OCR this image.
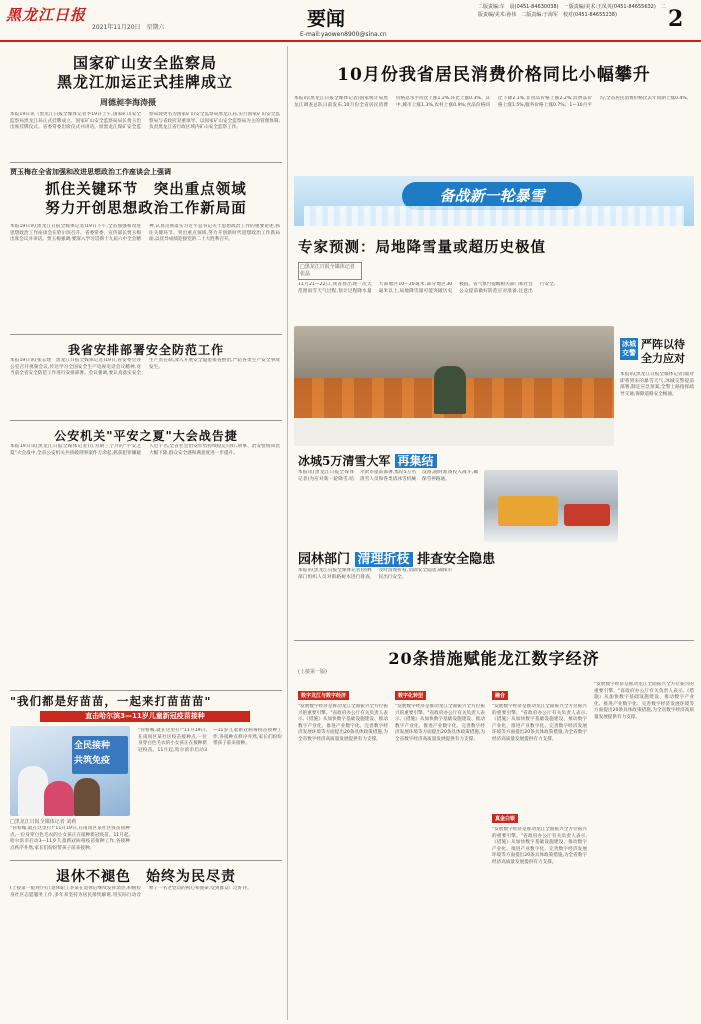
黑龙江日报
2021年11月20日　星期六	要闻
E-mail:yaowen8900@sina.cn
二版责编:车　晨(0451-84630038)　一版责编/美术:王凤英(0451-84655632)　二版责编/美术:孙伟　二版责编:于海军　校对(0451-84655238)	2
国家矿山安全监察局
黑龙江加运正式挂牌成立
周德昶李海涛摄
本报19日讯（黑龙江日报全媒体记者李19日上午,国家矿山安全监察局黑龙江局正式挂牌成立。国家矿山安全监察局局长黄玉治出席挂牌仪式。省委常委出席仪式并讲话。原黑龙江煤矿安全监察局现更名为国家矿山安全监察局黑龙江局,实行国家矿山安全监察局与省政府双重领导、以国家矿山安全监察局为主的管理体制,负责黑龙江省行政区域内矿山安全监察工作。
贾玉梅在全省加强和改进思想政治工作座谈会上强调
抓住关键环节　突出重点领域
努力开创思想政治工作新局面
本报19日讯(黑龙江日报全媒体记者)19日下午,全省加强和改进思想政治工作座谈会在哈尔滨召开。省委常委、宣传部长贾玉梅出席会议并讲话。贾玉梅强调,要深入学习贯彻十九届六中全会精神,认真贯彻落实习近平总书记关于思想政治工作的重要论述,抓住关键环节、突出重点领域,努力开创新时代思想政治工作新局面,以优异成绩迎接党的二十大胜利召开。
我省安排部署安全防范工作
本报19日讯(张志建　黑龙江日报全媒体记者)19日,省安委会办公室召开视频会议,传达学习全国安全生产电视电话会议精神,对当前全省安全防范工作进行安排部署。会议强调,要认真落实安全生产责任制,深入开展安全隐患排查整治,严防各类生产安全事故发生。
公安机关"平安之夏"大会战告捷
本报19日讯(黑龙江日报全媒体记者)在为期三个月的"平安之夏"大会战中,全省公安机关共侦破刑事案件万余起,抓获犯罪嫌疑人近千名,全省社会治安形势持续稳定向好,刑事、治安警情同比大幅下降,群众安全感和满意度进一步提升。
"我们都是好苗苗，一起来打苗苗苗"
直击哈尔滨3—11岁儿童新冠疫苗接种
全民接种
共筑免疫
□黑龙江日报全媒体记者 刘莉
"你看哪,就在这里打!"11月19日,在南岗区某社区疫苗接种点,一位身穿白色毛衣的小女孩正在接种新冠疫苗。11月起,哈尔滨市启动3—11岁儿童新冠病毒疫苗接种工作,各接种点秩序井然,家长们纷纷带孩子前来接种。
"你看哪,就在这里打!"11月19日,在南岗区某社区疫苗接种点,一位身穿白色毛衣的小女孩正在接种新冠疫苗。11月起,哈尔滨市启动3—11岁儿童新冠病毒疫苗接种工作,各接种点秩序井然,家长们纷纷带孩子前来接种。
退休不褪色　始终为民尽责
(上接第一版)牡丹江退休职工李某在退休后继续发挥余热,积极投身社区志愿服务工作,多年来坚持为居民排忧解难,用实际行动诠释了一名老党员的初心和使命,受到群众广泛好评。
10月份我省居民消费价格同比小幅攀升
本报讯(黑龙江日报全媒体记者)国家统计局黑龙江调查总队日前发布,10月份全省居民消费价格总水平同比上涨1.2%,环比上涨0.3%。其中,城市上涨1.3%,农村上涨0.9%;食品价格同比下降2.1%,非食品价格上涨2.2%;消费品价格上涨1.5%,服务价格上涨0.7%。1—10月平均,全省居民消费价格比去年同期上涨0.4%。
备战新一轮暴雪
专家预测：局地降雪量或超历史极值
□黑龙江日报全媒体记者 张晶
11月21—22日,我省将出现一次大范围雨雪天气过程,预计过程降水量大部地区10—20毫米,部分地区30毫米以上,局地降雪量可能突破历史极值。省气象台提醒相关部门和社会公众提前做好防范应对准备,注意出行安全。
冰城
交警
严阵以待
全力应对
本报讯(黑龙江日报全媒体记者)面对即将到来的暴雪天气,冰城交警提前部署,制定应急预案,全警上路指挥疏导交通,保障道路安全畅通。
冰城5万清雪大军 再集结
本报讯(黑龙江日报全媒体记者)为应对新一轮降雪,哈尔滨市提前部署,集结5万名清雪人员和各类清冰雪机械设备,随时准备投入战斗,确保雪停路通。
园林部门 清理折枝 排查安全隐患
本报讯(黑龙江日报全媒体记者)园林部门组织人员对街路树木进行排查,及时清理折枝,消除安全隐患,确保市民出行安全。
20条措施赋能龙江数字经济
(上接第一版)
数字龙江与数字经济
"发展数字经济是推动龙江全面振兴全方位振兴的重要引擎。"省政府办公厅有关负责人表示,《措施》从加快数字基础设施建设、推动数字产业化、推进产业数字化、完善数字经济发展环境等方面提出20条具体政策措施,为全省数字经济高质量发展提供有力支撑。
数字化转型
"发展数字经济是推动龙江全面振兴全方位振兴的重要引擎。"省政府办公厅有关负责人表示,《措施》从加快数字基础设施建设、推动数字产业化、推进产业数字化、完善数字经济发展环境等方面提出20条具体政策措施,为全省数字经济高质量发展提供有力支撑。
融合
"发展数字经济是推动龙江全面振兴全方位振兴的重要引擎。"省政府办公厅有关负责人表示,《措施》从加快数字基础设施建设、推动数字产业化、推进产业数字化、完善数字经济发展环境等方面提出20条具体政策措施,为全省数字经济高质量发展提供有力支撑。
真金白银
"发展数字经济是推动龙江全面振兴全方位振兴的重要引擎。"省政府办公厅有关负责人表示,《措施》从加快数字基础设施建设、推动数字产业化、推进产业数字化、完善数字经济发展环境等方面提出20条具体政策措施,为全省数字经济高质量发展提供有力支撑。
"发展数字经济是推动龙江全面振兴全方位振兴的重要引擎。"省政府办公厅有关负责人表示,《措施》从加快数字基础设施建设、推动数字产业化、推进产业数字化、完善数字经济发展环境等方面提出20条具体政策措施,为全省数字经济高质量发展提供有力支撑。
